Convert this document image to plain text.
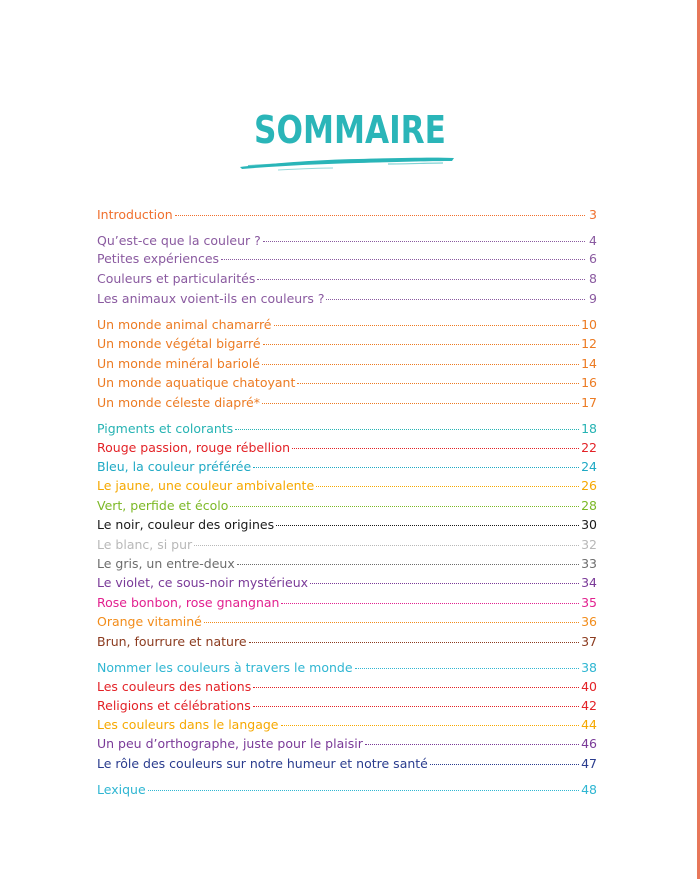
SOMMAIRE
Introduction	3
Qu’est-ce que la couleur ?	4
Petites expériences	6
Couleurs et particularités	8
Les animaux voient-ils en couleurs ?	9
Un monde animal chamarré	10
Un monde végétal bigarré	12
Un monde minéral bariolé	14
Un monde aquatique chatoyant	16
Un monde céleste diapré*	17
Pigments et colorants	18
Rouge passion, rouge rébellion	22
Bleu, la couleur préférée	24
Le jaune, une couleur ambivalente	26
Vert, perfide et écolo	28
Le noir, couleur des origines	30
Le blanc, si pur	32
Le gris, un entre-deux	33
Le violet, ce sous-noir mystérieux	34
Rose bonbon, rose gnangnan	35
Orange vitaminé	36
Brun, fourrure et nature	37
Nommer les couleurs à travers le monde	38
Les couleurs des nations	40
Religions et célébrations	42
Les couleurs dans le langage	44
Un peu d’orthographe, juste pour le plaisir	46
Le rôle des couleurs sur notre humeur et notre santé	47
Lexique	48
